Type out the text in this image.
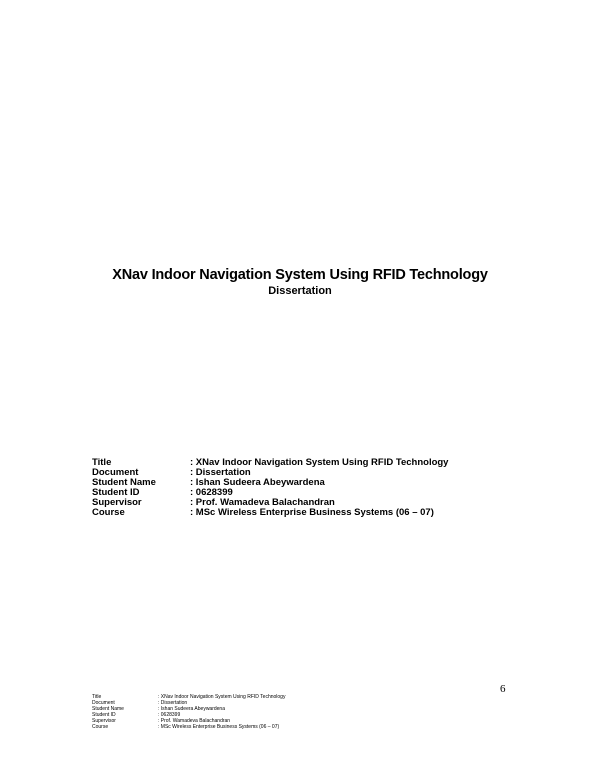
XNav Indoor Navigation System Using RFID Technology
Dissertation
Title	: XNav Indoor Navigation System Using RFID Technology
Document	: Dissertation
Student Name	: Ishan Sudeera Abeywardena
Student ID	: 0628399
Supervisor	: Prof. Wamadeva Balachandran
Course	: MSc Wireless Enterprise Business Systems (06 – 07)
6
Title	: XNav Indoor Navigation System Using RFID Technology
Document	: Dissertation
Student Name	: Ishan Sudeera Abeywardena
Student ID	: 0628399
Supervisor	: Prof. Wamadeva Balachandran
Course	: MSc Wireless Enterprise Business Systems (06 – 07)
